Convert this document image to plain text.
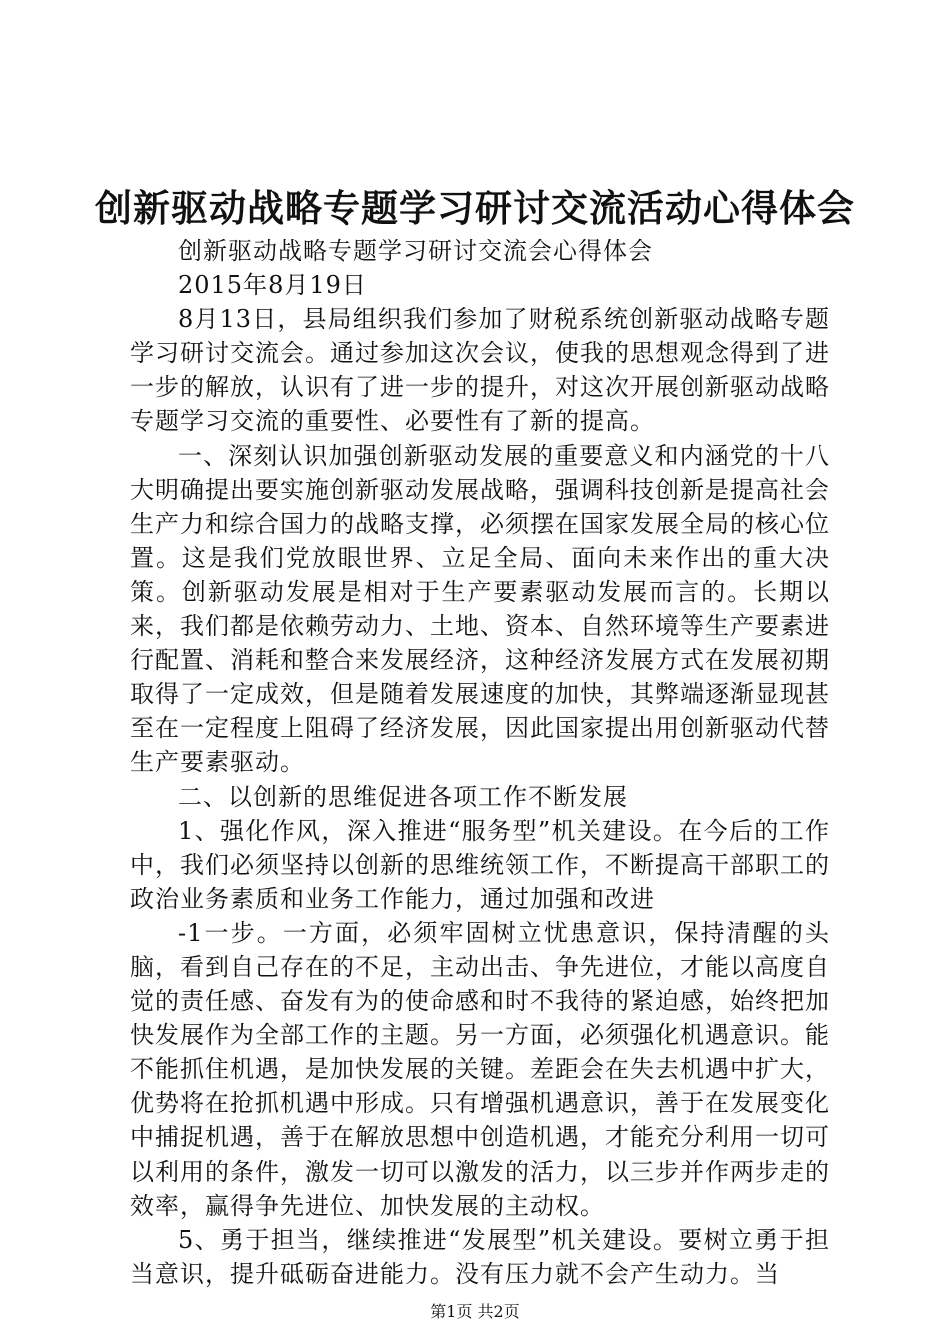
创新驱动战略专题学习研讨交流活动心得体会

创新驱动战略专题学习研讨交流会心得体会

2015年8月19日

8月13日，县局组织我们参加了财税系统创新驱动战略专题学习研讨交流会。通过参加这次会议，使我的思想观念得到了进一步的解放，认识有了进一步的提升，对这次开展创新驱动战略专题学习交流的重要性、必要性有了新的提高。

一、深刻认识加强创新驱动发展的重要意义和内涵党的十八大明确提出要实施创新驱动发展战略，强调科技创新是提高社会生产力和综合国力的战略支撑，必须摆在国家发展全局的核心位置。这是我们党放眼世界、立足全局、面向未来作出的重大决策。创新驱动发展是相对于生产要素驱动发展而言的。长期以来，我们都是依赖劳动力、土地、资本、自然环境等生产要素进行配置、消耗和整合来发展经济，这种经济发展方式在发展初期取得了一定成效，但是随着发展速度的加快，其弊端逐渐显现甚至在一定程度上阻碍了经济发展，因此国家提出用创新驱动代替生产要素驱动。

二、以创新的思维促进各项工作不断发展

1、强化作风，深入推进“服务型”机关建设。在今后的工作中，我们必须坚持以创新的思维统领工作，不断提高干部职工的政治业务素质和业务工作能力，通过加强和改进

-1一步。一方面，必须牢固树立忧患意识，保持清醒的头脑，看到自己存在的不足，主动出击、争先进位，才能以高度自觉的责任感、奋发有为的使命感和时不我待的紧迫感，始终把加快发展作为全部工作的主题。另一方面，必须强化机遇意识。能不能抓住机遇，是加快发展的关键。差距会在失去机遇中扩大，优势将在抢抓机遇中形成。只有增强机遇意识，善于在发展变化中捕捉机遇，善于在解放思想中创造机遇，才能充分利用一切可以利用的条件，激发一切可以激发的活力，以三步并作两步走的效率，赢得争先进位、加快发展的主动权。

5、勇于担当，继续推进“发展型”机关建设。要树立勇于担当意识，提升砥砺奋进能力。没有压力就不会产生动力。当

第1页 共2页
